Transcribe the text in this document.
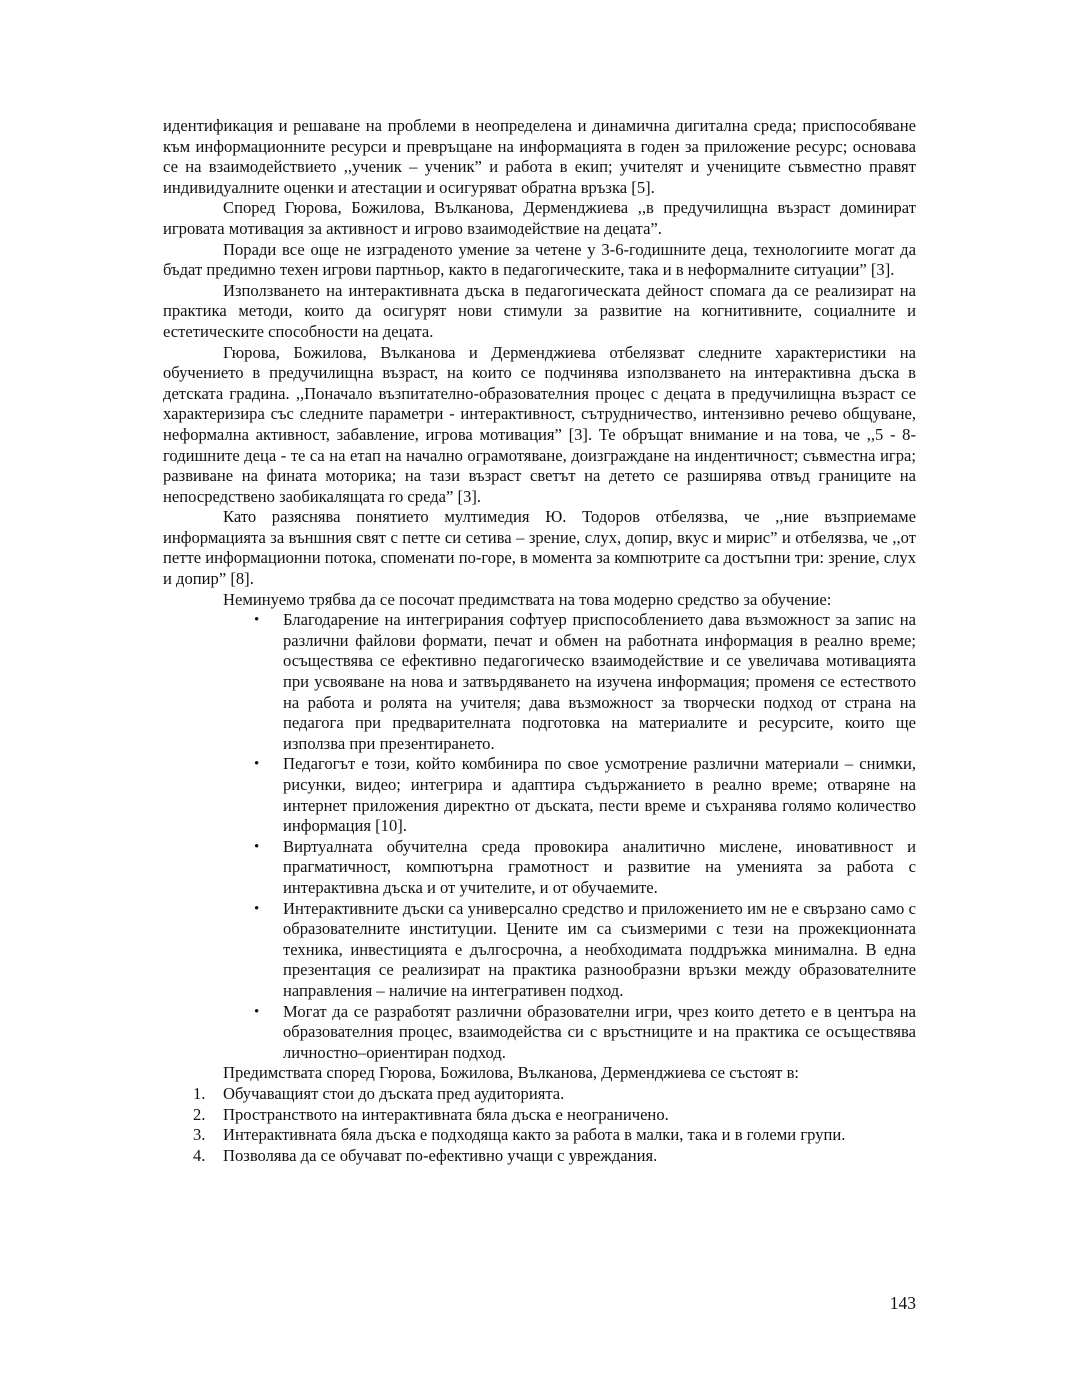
идентификация и решаване на проблеми в неопределена и динамична дигитална среда; приспособяване към информационните ресурси и превръщане на информацията в годен за приложение ресурс; основава се на взаимодействието ,,ученик – ученик” и работа в екип; учителят и учениците съвместно правят индивидуалните оценки и атестации и осигуряват обратна връзка [5].

Според Гюрова, Божилова, Вълканова, Дерменджиева ,,в предучилищна възраст доминират игровата мотивация за активност и игрово взаимодействие на децата”.

Поради все още не изграденото умение за четене у 3-6-годишните деца, технологиите могат да бъдат предимно техен игрови партньор, както в педагогическите, така и в неформалните ситуации” [3].

Използването на интерактивната дъска в педагогическата дейност спомага да се реализират на практика методи, които да осигурят нови стимули за развитие на когнитивните, социалните и естетическите способности на децата.

Гюрова, Божилова, Вълканова и Дерменджиева отбелязват следните характеристики на обучението в предучилищна възраст, на които се подчинява използването на интерактивна дъска в детската градина. ,,Поначало възпитателно-образователния процес с децата в предучилищна възраст се характеризира със следните параметри - интерактивност, сътрудничество, интензивно речево общуване, неформална активност, забавление, игрова мотивация” [3]. Те обръщат внимание и на това, че ,,5 - 8-годишните деца - те са на етап на начално ограмотяване, доизграждане на индентичност; съвместна игра; развиване на фината моторика; на тази възраст светът на детето се разширява отвъд границите на непосредствено заобикалящата го среда” [3].

Като разяснява понятието мултимедия Ю. Тодоров отбелязва, че ,,ние възприемаме информацията за външния свят с петте си сетива – зрение, слух, допир, вкус и мирис” и отбелязва, че ,,от петте информационни потока, споменати по-горе, в момента за компютрите са достъпни три: зрение, слух и допир” [8].

Неминуемо трябва да се посочат предимствата на това модерно средство за обучение:

• Благодарение на интегрирания софтуер приспособлението дава възможност за запис на различни файлови формати, печат и обмен на работната информация в реално време; осъществява се ефективно педагогическо взаимодействие и се увеличава мотивацията при усвояване на нова и затвърдяването на изучена информация; променя се естеството на работа и ролята на учителя; дава възможност за творчески подход от страна на педагога при предварителната подготовка на материалите и ресурсите, които ще използва при презентирането.
• Педагогът е този, който комбинира по свое усмотрение различни материали – снимки, рисунки, видео; интегрира и адаптира съдържанието в реално време; отваряне на интернет приложения директно от дъската, пести време и съхранява голямо количество информация [10].
• Виртуалната обучителна среда провокира аналитично мислене, иновативност и прагматичност, компютърна грамотност и развитие на уменията за работа с интерактивна дъска и от учителите, и от обучаемите.
• Интерактивните дъски са универсално средство и приложението им не е свързано само с образователните институции. Цените им са съизмерими с тези на прожекционната техника, инвестицията е дългосрочна, а необходимата поддръжка минимална. В една презентация се реализират на практика разнообразни връзки между образователните направления – наличие на интегративен подход.
• Могат да се разработят различни образователни игри, чрез които детето е в центъра на образователния процес, взаимодейства си с връстниците и на практика се осъществява личностно–ориентиран подход.

Предимствата според Гюрова, Божилова, Вълканова, Дерменджиева се състоят в:

1. Обучаващият стои до дъската пред аудиторията.
2. Пространството на интерактивната бяла дъска е неограничено.
3. Интерактивната бяла дъска е подходяща както за работа в малки, така и в големи групи.
4. Позволява да се обучават по-ефективно учащи с увреждания.
143
